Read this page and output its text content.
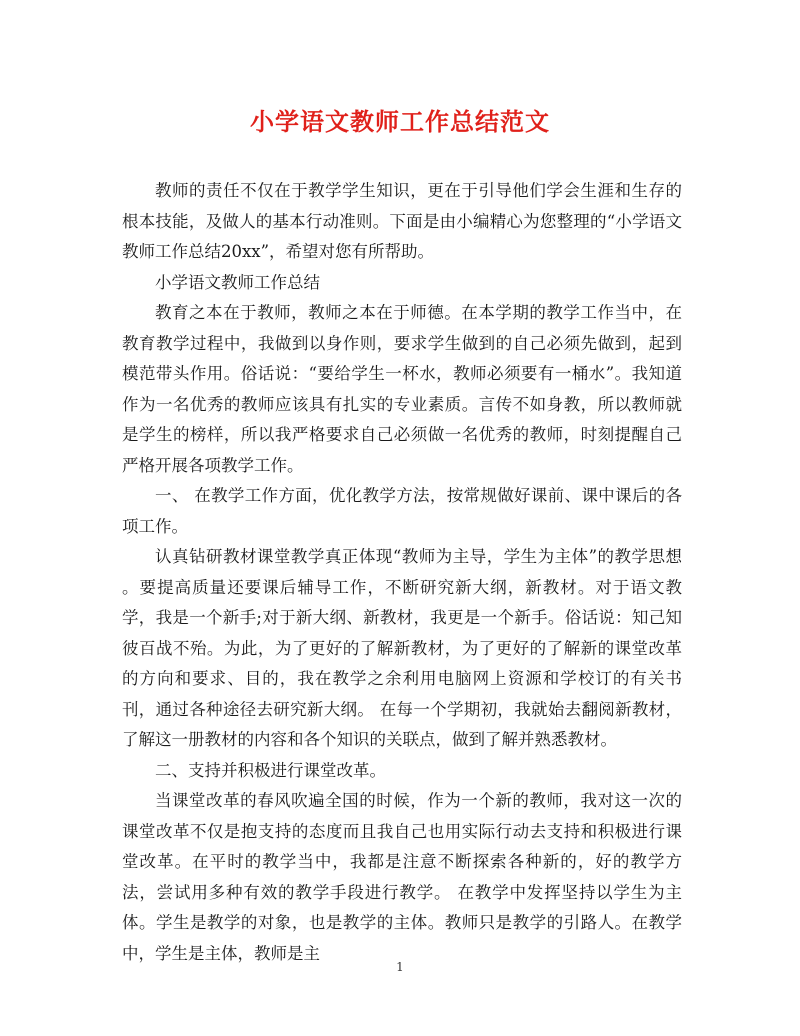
小学语文教师工作总结范文

教师的责任不仅在于教学学生知识，更在于引导他们学会生涯和生存的根本技能，及做人的基本行动准则。下面是由小编精心为您整理的“小学语文教师工作总结20xx”，希望对您有所帮助。

小学语文教师工作总结

教育之本在于教师，教师之本在于师德。在本学期的教学工作当中，在教育教学过程中，我做到以身作则，要求学生做到的自己必须先做到，起到模范带头作用。俗话说：“要给学生一杯水，教师必须要有一桶水”。我知道作为一名优秀的教师应该具有扎实的专业素质。言传不如身教，所以教师就是学生的榜样，所以我严格要求自己必须做一名优秀的教师，时刻提醒自己严格开展各项教学工作。

一、 在教学工作方面，优化教学方法，按常规做好课前、课中课后的各项工作。

认真钻研教材课堂教学真正体现“教师为主导，学生为主体”的教学思想 。要提高质量还要课后辅导工作，不断研究新大纲，新教材。对于语文教学，我是一个新手;对于新大纲、新教材，我更是一个新手。俗话说：知己知彼百战不殆。为此，为了更好的了解新教材，为了更好的了解新的课堂改革的方向和要求、目的，我在教学之余利用电脑网上资源和学校订的有关书刊，通过各种途径去研究新大纲。 在每一个学期初，我就始去翻阅新教材，了解这一册教材的内容和各个知识的关联点，做到了解并熟悉教材。

二、支持并积极进行课堂改革。

当课堂改革的春风吹遍全国的时候，作为一个新的教师，我对这一次的课堂改革不仅是抱支持的态度而且我自己也用实际行动去支持和积极进行课堂改革。在平时的教学当中，我都是注意不断探索各种新的，好的教学方法，尝试用多种有效的教学手段进行教学。 在教学中发挥坚持以学生为主体。学生是教学的对象，也是教学的主体。教师只是教学的引路人。在教学中，学生是主体，教师是主

1
